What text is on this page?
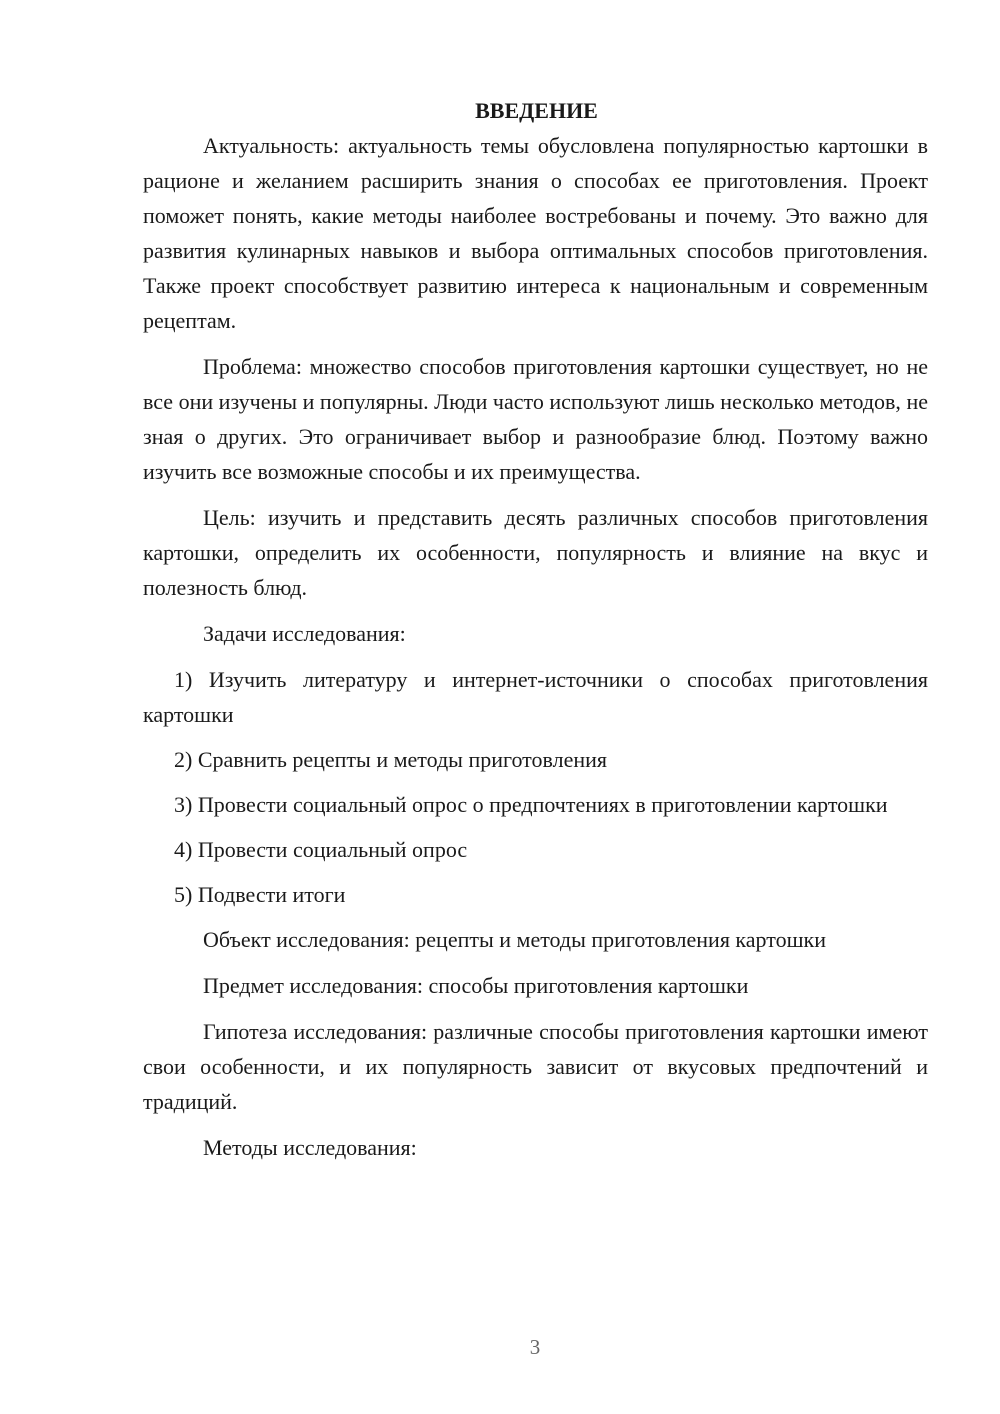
ВВЕДЕНИЕ

Актуальность: актуальность темы обусловлена популярностью картошки в рационе и желанием расширить знания о способах ее приготовления. Проект поможет понять, какие методы наиболее востребованы и почему. Это важно для развития кулинарных навыков и выбора оптимальных способов приготовления. Также проект способствует развитию интереса к национальным и современным рецептам.

Проблема: множество способов приготовления картошки существует, но не все они изучены и популярны. Люди часто используют лишь несколько методов, не зная о других. Это ограничивает выбор и разнообразие блюд. Поэтому важно изучить все возможные способы и их преимущества.

Цель: изучить и представить десять различных способов приготовления картошки, определить их особенности, популярность и влияние на вкус и полезность блюд.

Задачи исследования:

1) Изучить литературу и интернет-источники о способах приготовления картошки

2) Сравнить рецепты и методы приготовления

3) Провести социальный опрос о предпочтениях в приготовлении картошки

4) Провести социальный опрос

5) Подвести итоги

Объект исследования: рецепты и методы приготовления картошки

Предмет исследования: способы приготовления картошки

Гипотеза исследования: различные способы приготовления картошки имеют свои особенности, и их популярность зависит от вкусовых предпочтений и традиций.

Методы исследования:

3
